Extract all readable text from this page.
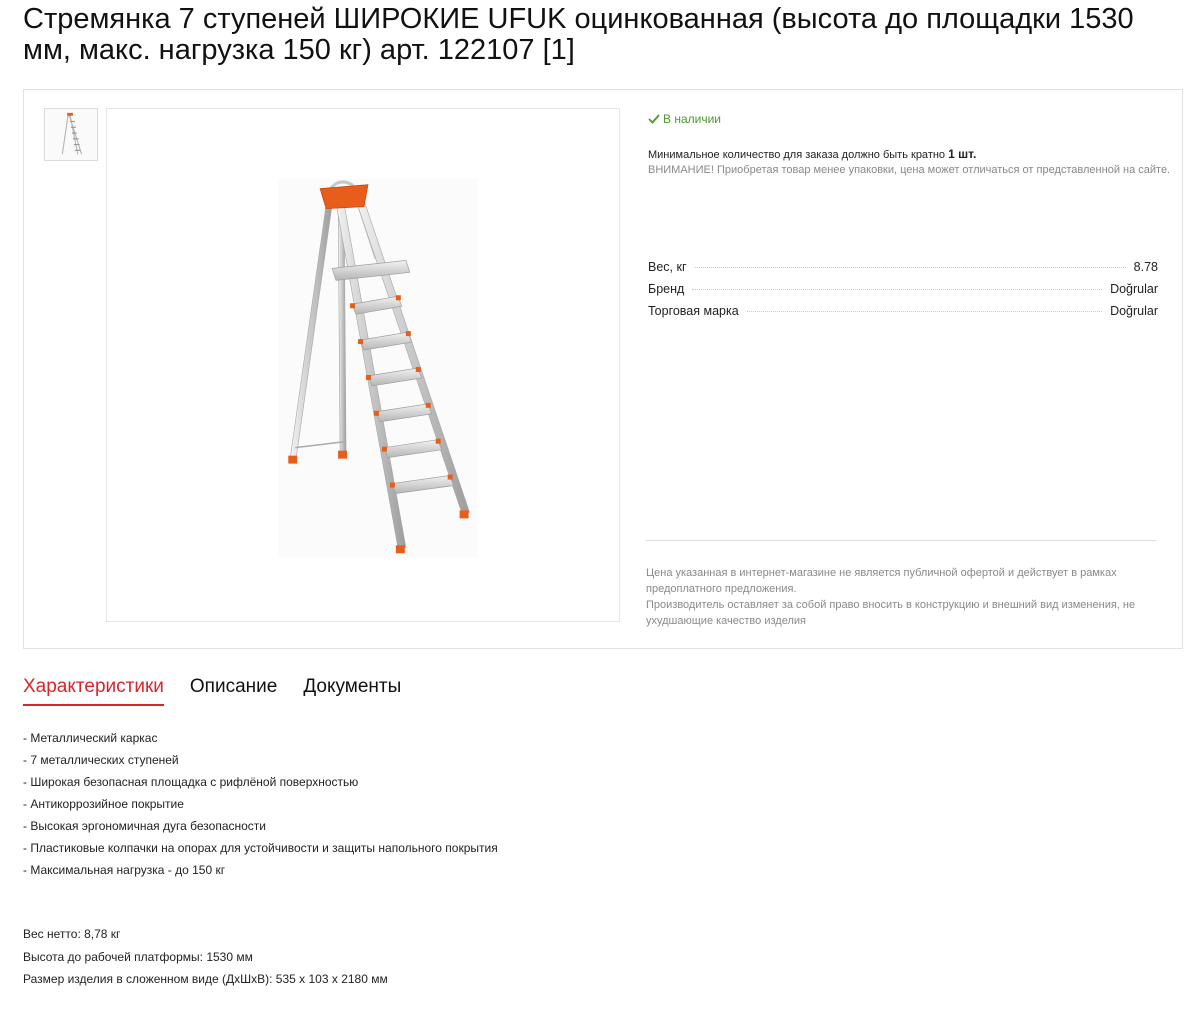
Стремянка 7 ступеней ШИРОКИЕ UFUK оцинкованная (высота до площадки 1530 мм, макс. нагрузка 150 кг) арт. 122107 [1]
В наличии
Минимальное количество для заказа должно быть кратно 1 шт.
ВНИМАНИЕ! Приобретая товар менее упаковки, цена может отличаться от представленной на сайте.
Вес, кг	8.78
Бренд	Doğrular
Торговая марка	Doğrular

Цена указанная в интернет-магазине не является публичной офертой и действует в рамках предоплатного предложения.

Производитель оставляет за собой право вносить в конструкцию и внешний вид изменения, не ухудшающие качество изделия

Характеристики Описание Документы
- Металлический каркас
- 7 металлических ступеней
- Широкая безопасная площадка с рифлёной поверхностью
- Антикоррозийное покрытие
- Высокая эргономичная дуга безопасности
- Пластиковые колпачки на опорах для устойчивости и защиты напольного покрытия
- Максимальная нагрузка - до 150 кг
Вес нетто: 8,78 кг
Высота до рабочей платформы: 1530 мм
Размер изделия в сложенном виде (ДхШхВ): 535 x 103 x 2180 мм
